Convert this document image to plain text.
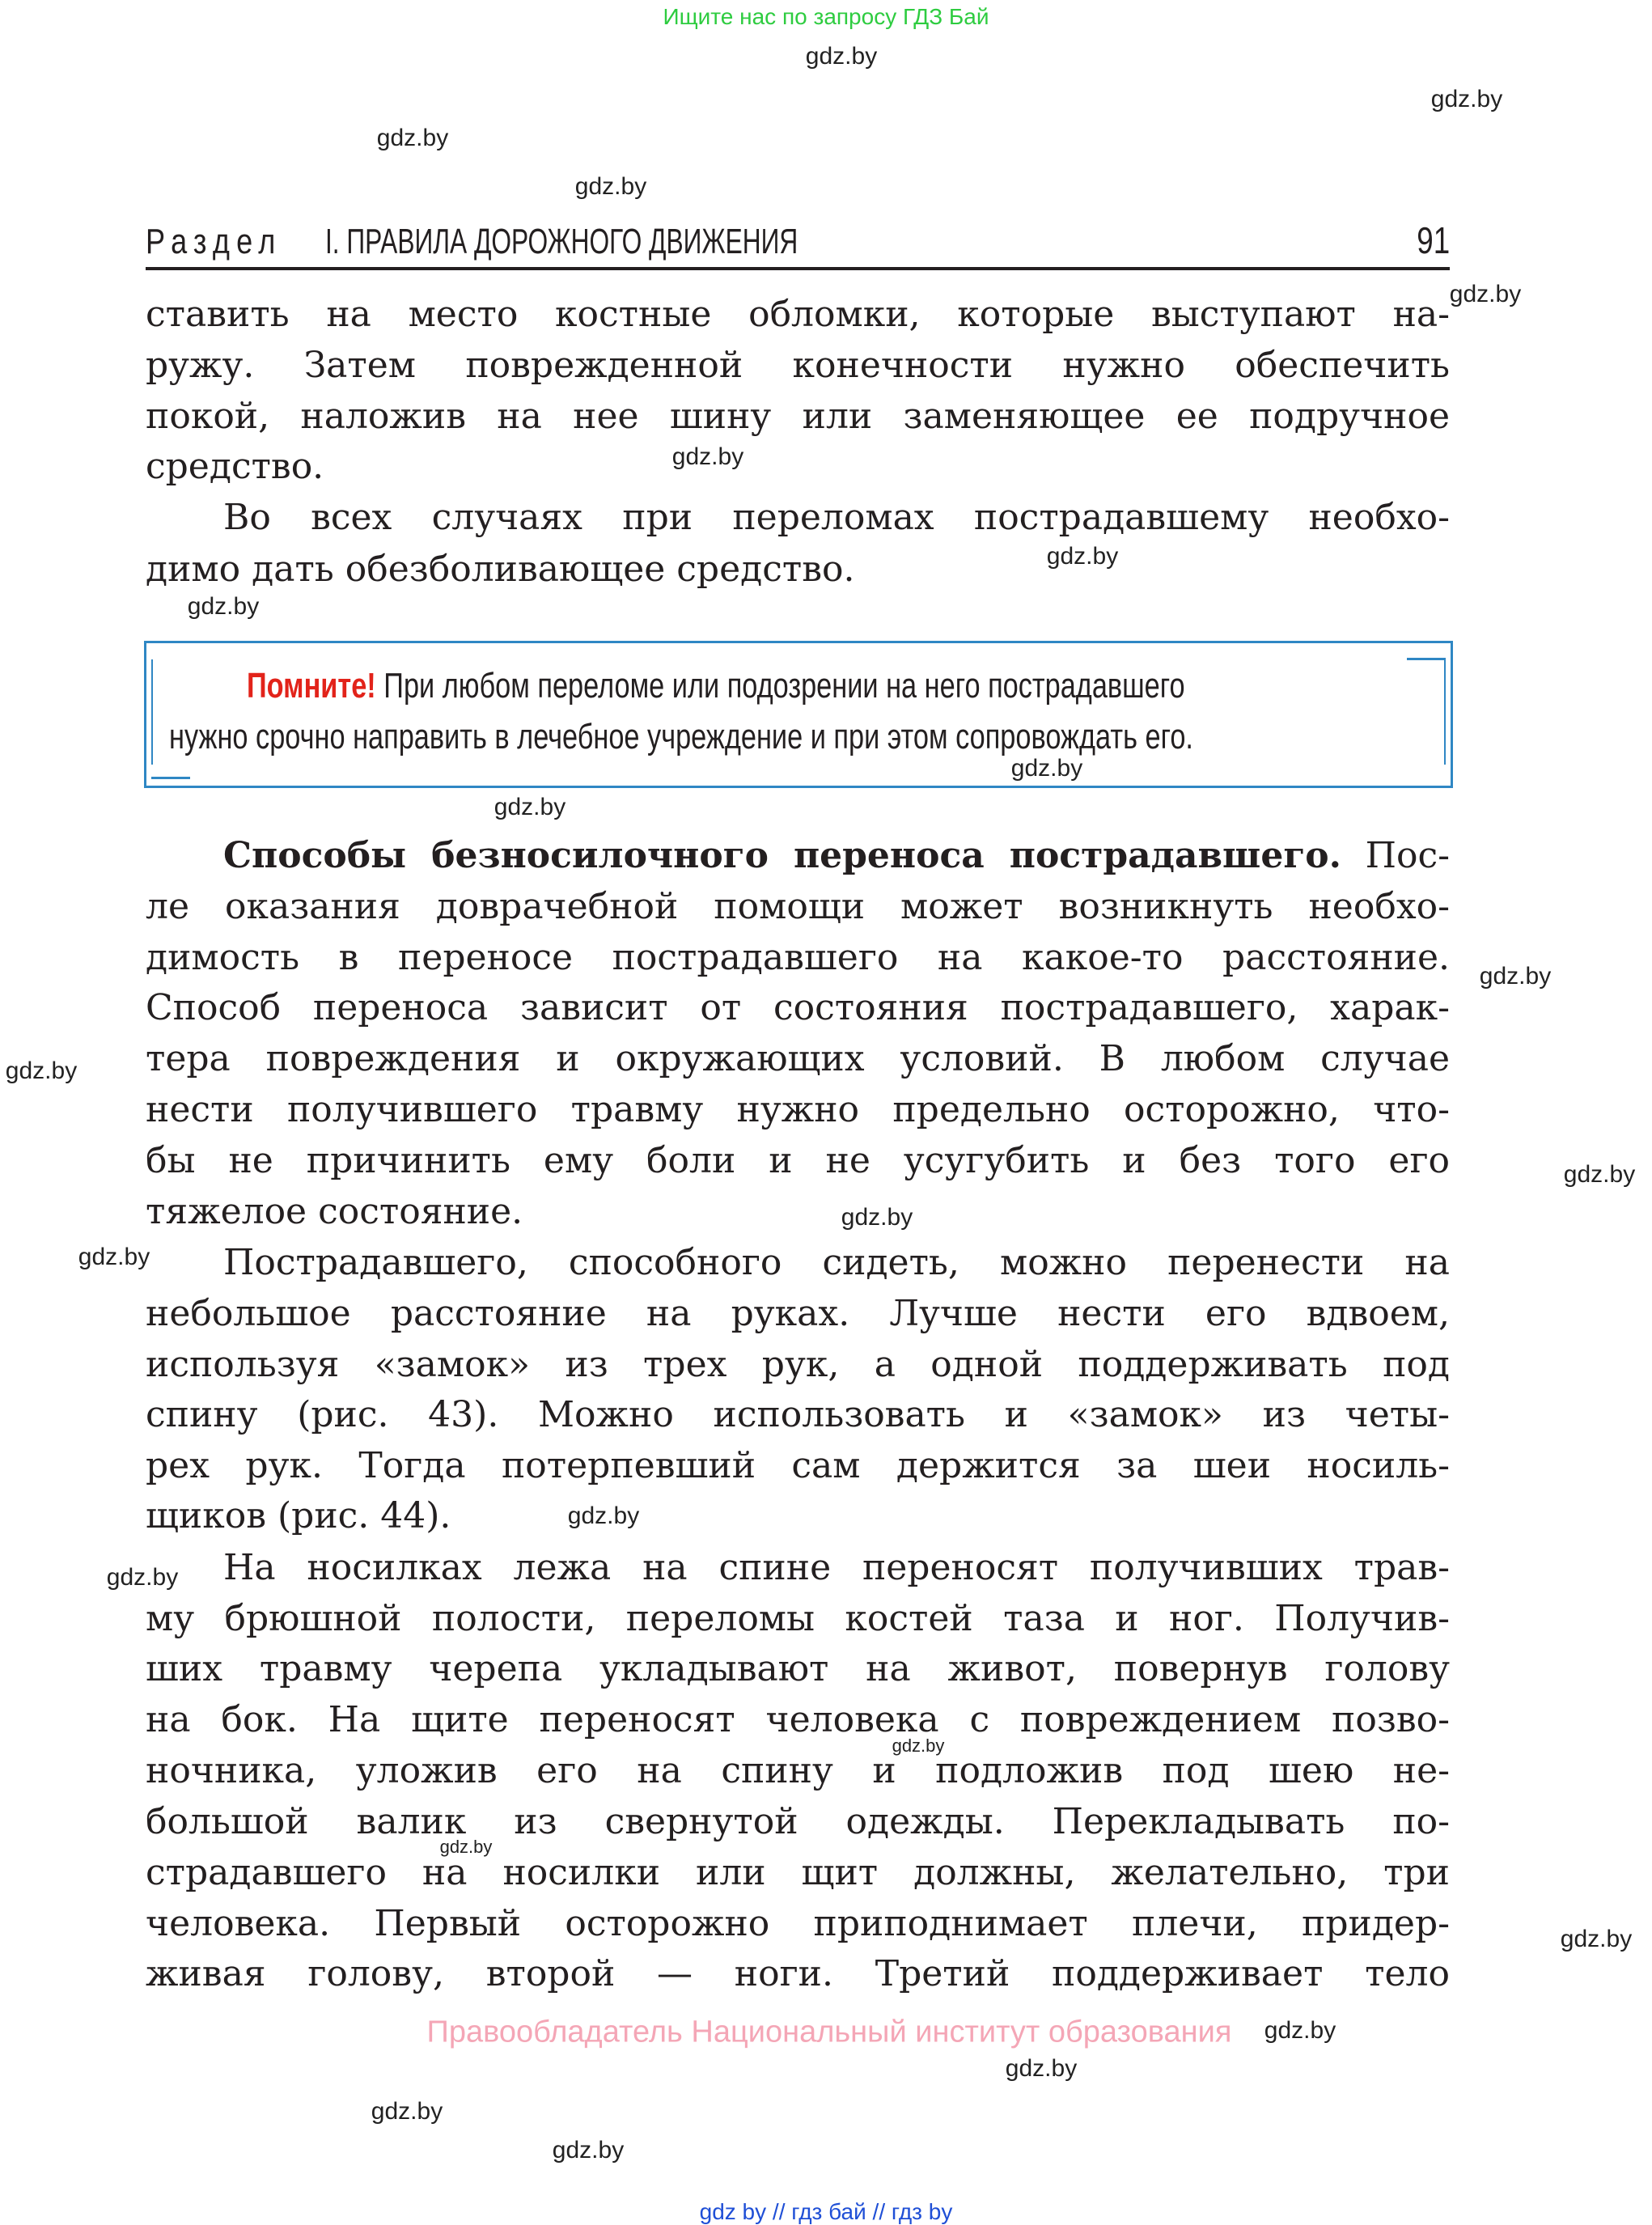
Ищите нас по запросу ГДЗ Бай
Раздел I. ПРАВИЛА ДОРОЖНОГО ДВИЖЕНИЯ	91
ставить на место костные обломки, которые выступают на-
ружу. Затем поврежденной конечности нужно обеспечить
покой, наложив на нее шину или заменяющее ее подручное
средство.
Во всех случаях при переломах пострадавшему необхо-
димо дать обезболивающее средство.
Помните! При любом переломе или подозрении на него пострадавшего
нужно срочно направить в лечебное учреждение и при этом сопровождать его.
Способы безносилочного переноса пострадавшего. Пос-
ле оказания доврачебной помощи может возникнуть необхо-
димость в переносе пострадавшего на какое-то расстояние.
Способ переноса зависит от состояния пострадавшего, харак-
тера повреждения и окружающих условий. В любом случае
нести получившего травму нужно предельно осторожно, что-
бы не причинить ему боли и не усугубить и без того его
тяжелое состояние.
Пострадавшего, способного сидеть, можно перенести на
небольшое расстояние на руках. Лучше нести его вдвоем,
используя «замок» из трех рук, а одной поддерживать под
спину (рис. 43). Можно использовать и «замок» из четы-
рех рук. Тогда потерпевший сам держится за шеи носиль-
щиков (рис. 44).
На носилках лежа на спине переносят получивших трав-
му брюшной полости, переломы костей таза и ног. Получив-
ших травму черепа укладывают на живот, повернув голову
на бок. На щите переносят человека с повреждением позво-
ночника, уложив его на спину и подложив под шею не-
большой валик из свернутой одежды. Перекладывать по-
страдавшего на носилки или щит должны, желательно, три
человека. Первый осторожно приподнимает плечи, придер-
живая голову, второй — ноги. Третий поддерживает тело
gdz.by
gdz.by
gdz.by
gdz.by
gdz.by
gdz.by
gdz.by
gdz.by
gdz.by
gdz.by
gdz.by
gdz.by
gdz.by
gdz.by
gdz.by
gdz.by
gdz.by
gdz.by
gdz.by
gdz.by
gdz.by
gdz.by
gdz.by
gdz.by
Правообладатель Национальный институт образования
gdz by // гдз бай // гдз by
